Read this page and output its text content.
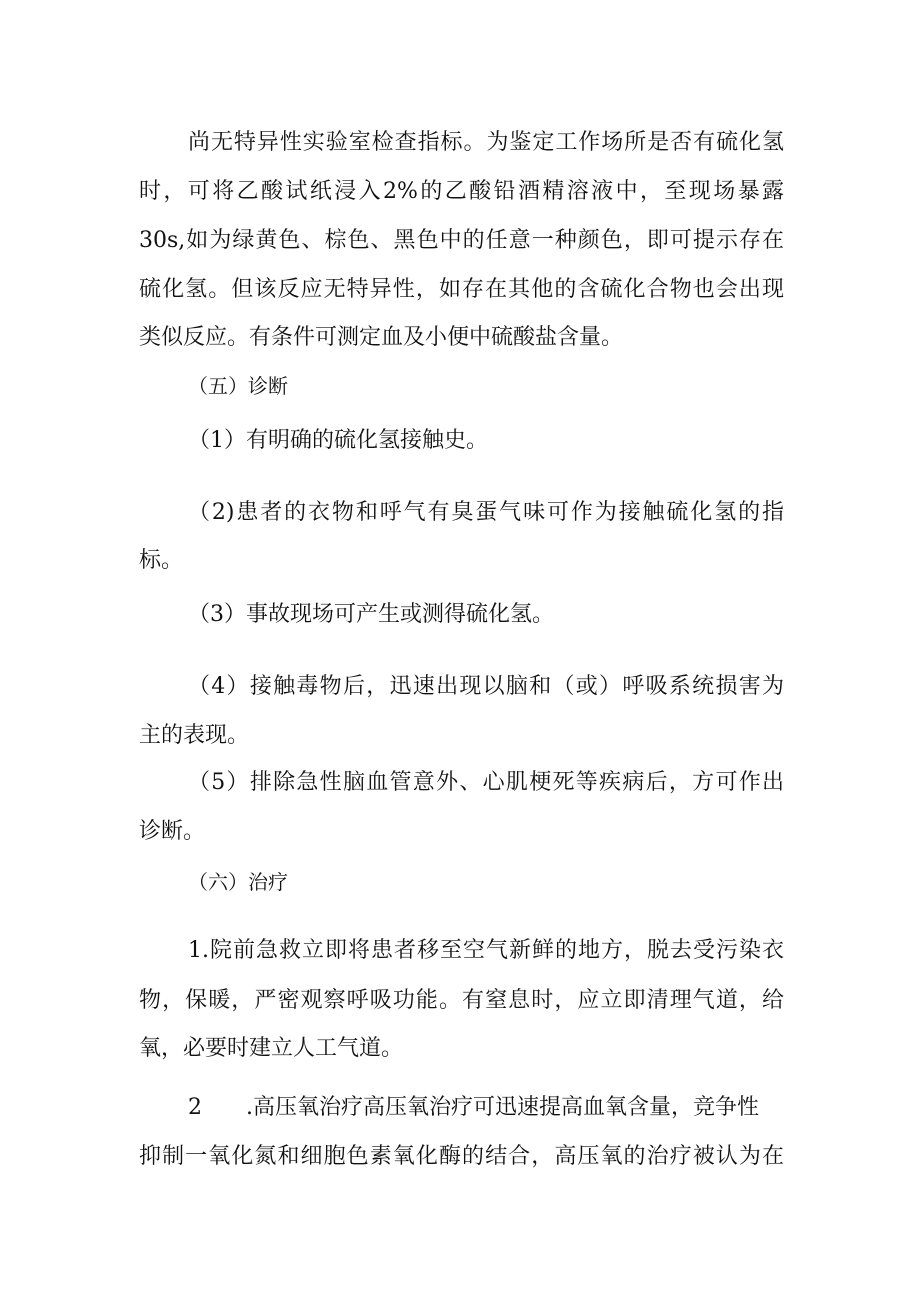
尚无特异性实验室检查指标。为鉴定工作场所是否有硫化氢
时，可将乙酸试纸浸入2%的乙酸铅酒精溶液中，至现场暴露
30s,如为绿黄色、棕色、黑色中的任意一种颜色，即可提示存在
硫化氢。但该反应无特异性，如存在其他的含硫化合物也会出现
类似反应。有条件可测定血及小便中硫酸盐含量。
（五）诊断
（1）有明确的硫化氢接触史。
（2)患者的衣物和呼气有臭蛋气味可作为接触硫化氢的指
标。
（3）事故现场可产生或测得硫化氢。
（4）接触毒物后，迅速出现以脑和（或）呼吸系统损害为
主的表现。
（5）排除急性脑血管意外、心肌梗死等疾病后，方可作出
诊断。
（六）治疗
1.院前急救立即将患者移至空气新鲜的地方，脱去受污染衣
物，保暖，严密观察呼吸功能。有窒息时，应立即清理气道，给
氧，必要时建立人工气道。
2 .高压氧治疗高压氧治疗可迅速提高血氧含量，竞争性
抑制一氧化氮和细胞色素氧化酶的结合，高压氧的治疗被认为在
